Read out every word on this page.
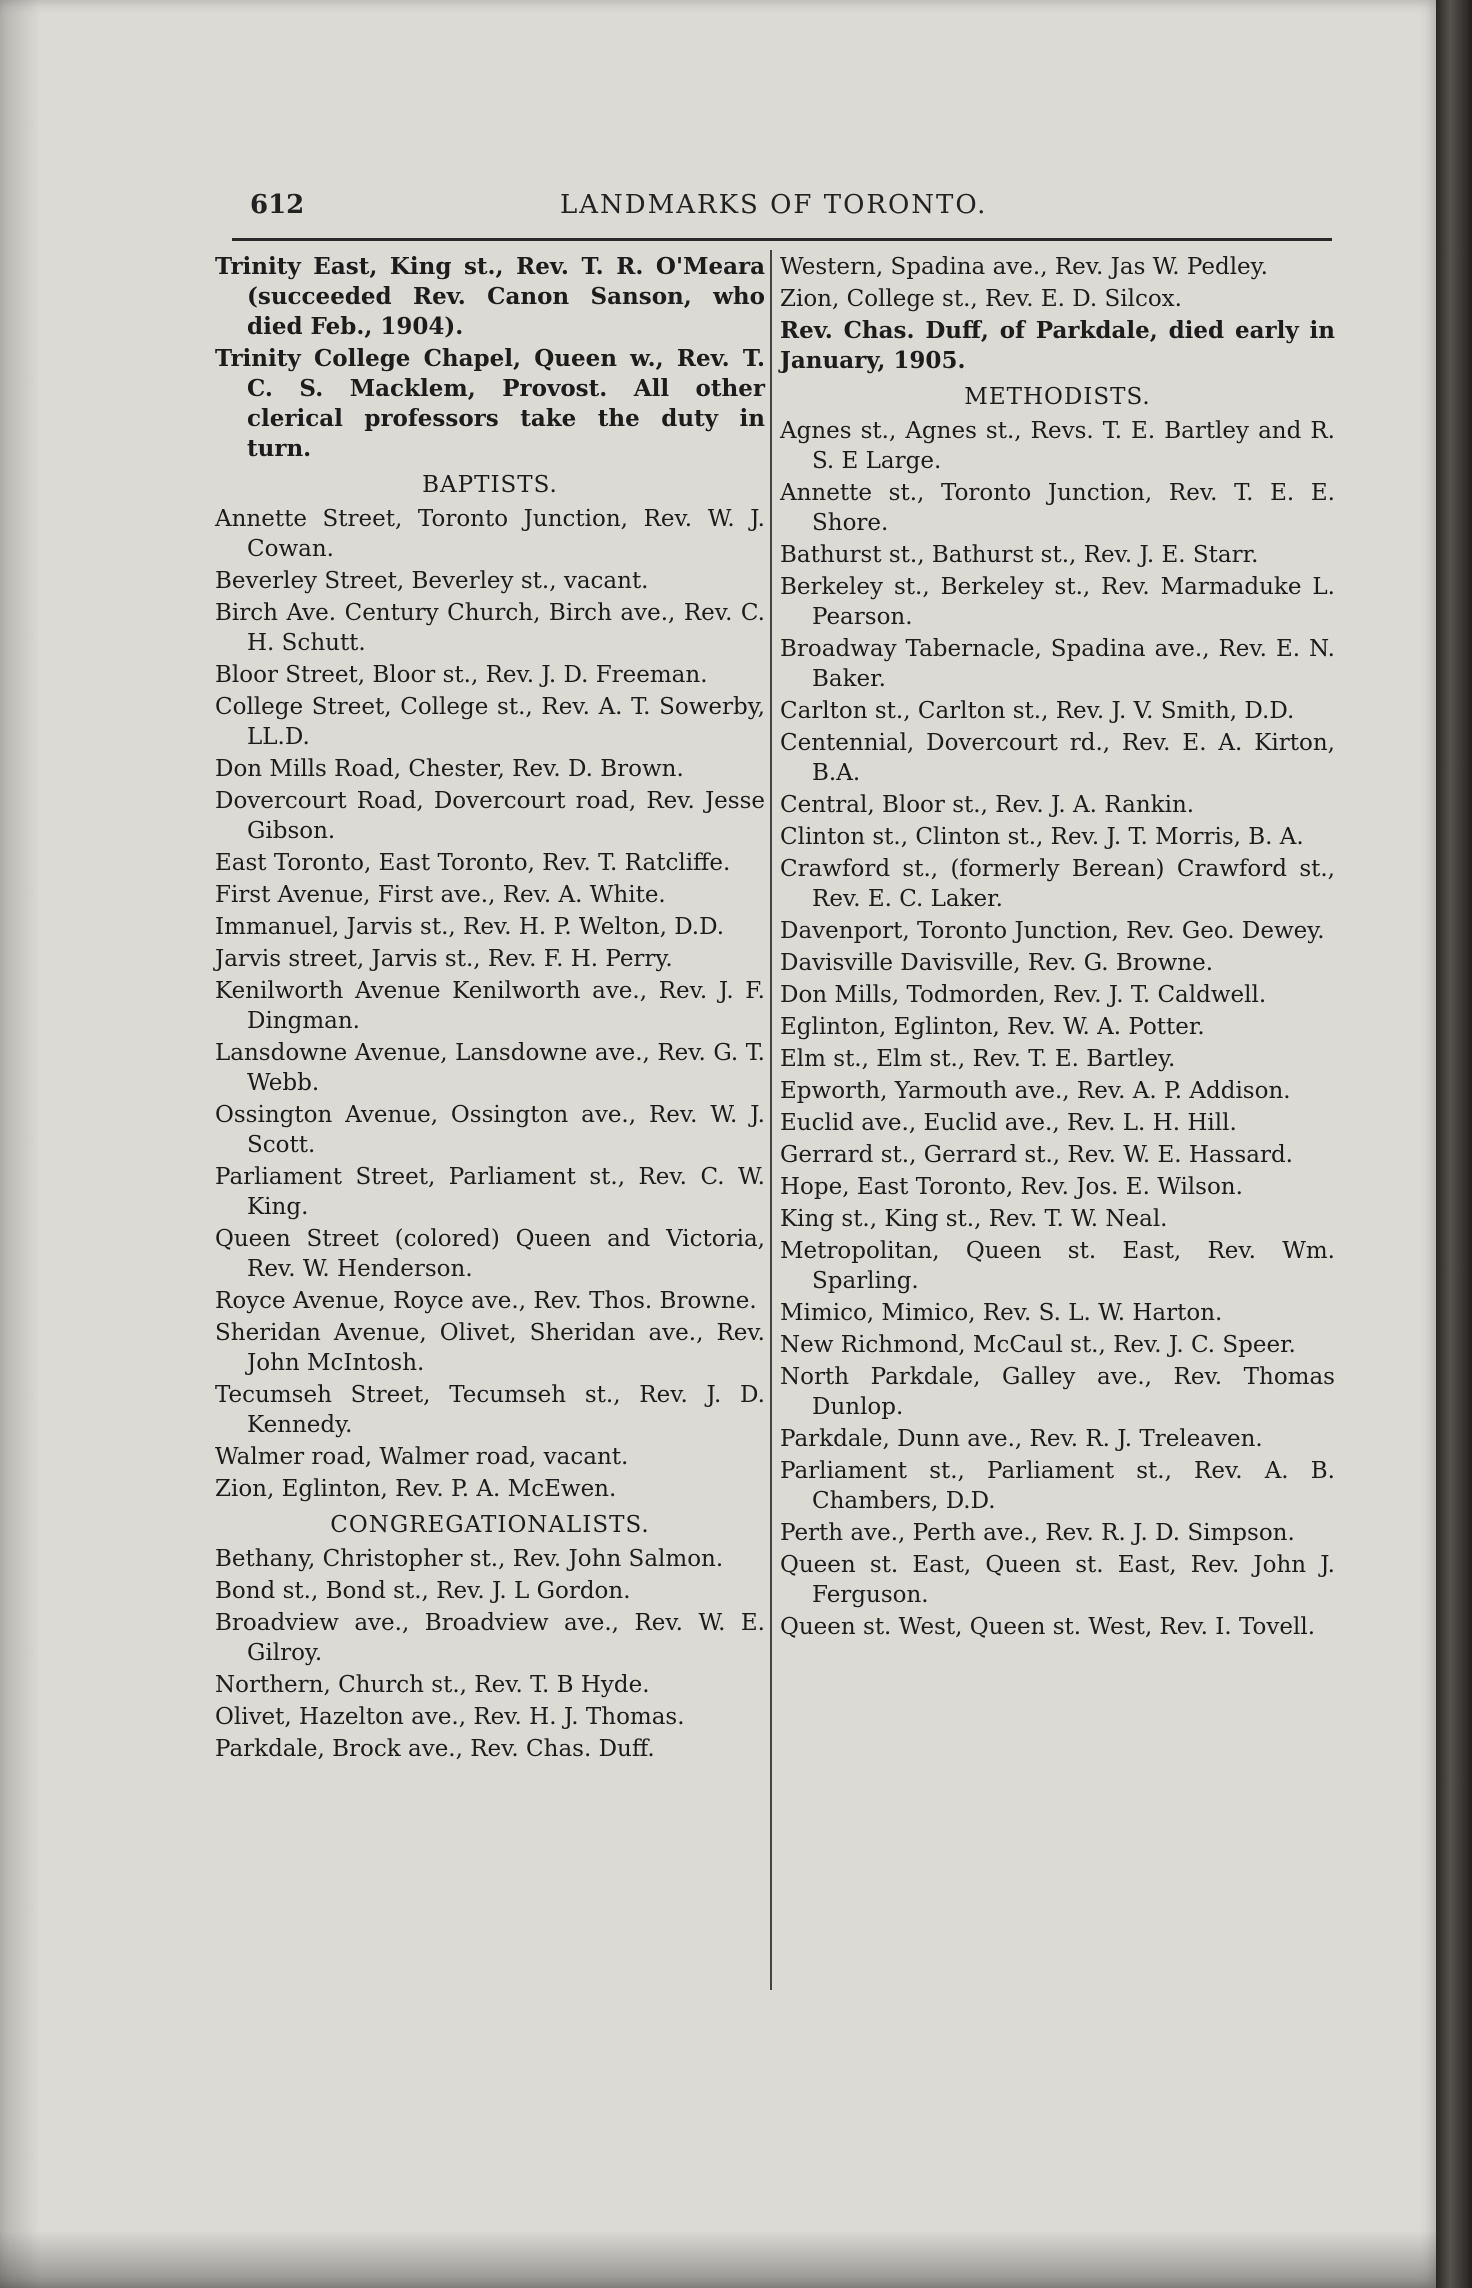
612	LANDMARKS OF TORONTO.

Trinity East, King st., Rev. T. R. O'Meara (succeeded Rev. Canon Sanson, who died Feb., 1904).

Trinity College Chapel, Queen w., Rev. T. C. S. Macklem, Provost. All other clerical professors take the duty in turn.

BAPTISTS.

Annette Street, Toronto Junction, Rev. W. J. Cowan.

Beverley Street, Beverley st., vacant.

Birch Ave. Century Church, Birch ave., Rev. C. H. Schutt.

Bloor Street, Bloor st., Rev. J. D. Freeman.

College Street, College st., Rev. A. T. Sowerby, LL.D.

Don Mills Road, Chester, Rev. D. Brown.

Dovercourt Road, Dovercourt road, Rev. Jesse Gibson.

East Toronto, East Toronto, Rev. T. Ratcliffe.

First Avenue, First ave., Rev. A. White.

Immanuel, Jarvis st., Rev. H. P. Welton, D.D.

Jarvis street, Jarvis st., Rev. F. H. Perry.

Kenilworth Avenue Kenilworth ave., Rev. J. F. Dingman.

Lansdowne Avenue, Lansdowne ave., Rev. G. T. Webb.

Ossington Avenue, Ossington ave., Rev. W. J. Scott.

Parliament Street, Parliament st., Rev. C. W. King.

Queen Street (colored) Queen and Victoria, Rev. W. Henderson.

Royce Avenue, Royce ave., Rev. Thos. Browne.

Sheridan Avenue, Olivet, Sheridan ave., Rev. John McIntosh.

Tecumseh Street, Tecumseh st., Rev. J. D. Kennedy.

Walmer road, Walmer road, vacant.

Zion, Eglinton, Rev. P. A. McEwen.

CONGREGATIONALISTS.

Bethany, Christopher st., Rev. John Salmon.

Bond st., Bond st., Rev. J. L Gordon.

Broadview ave., Broadview ave., Rev. W. E. Gilroy.

Northern, Church st., Rev. T. B Hyde.

Olivet, Hazelton ave., Rev. H. J. Thomas.

Parkdale, Brock ave., Rev. Chas. Duff.

Western, Spadina ave., Rev. Jas W. Pedley.

Zion, College st., Rev. E. D. Silcox.

Rev. Chas. Duff, of Parkdale, died early in January, 1905.

METHODISTS.

Agnes st., Agnes st., Revs. T. E. Bartley and R. S. E Large.

Annette st., Toronto Junction, Rev. T. E. E. Shore.

Bathurst st., Bathurst st., Rev. J. E. Starr.

Berkeley st., Berkeley st., Rev. Marmaduke L. Pearson.

Broadway Tabernacle, Spadina ave., Rev. E. N. Baker.

Carlton st., Carlton st., Rev. J. V. Smith, D.D.

Centennial, Dovercourt rd., Rev. E. A. Kirton, B.A.

Central, Bloor st., Rev. J. A. Rankin.

Clinton st., Clinton st., Rev. J. T. Morris, B. A.

Crawford st., (formerly Berean) Crawford st., Rev. E. C. Laker.

Davenport, Toronto Junction, Rev. Geo. Dewey.

Davisville Davisville, Rev. G. Browne.

Don Mills, Todmorden, Rev. J. T. Caldwell.

Eglinton, Eglinton, Rev. W. A. Potter.

Elm st., Elm st., Rev. T. E. Bartley.

Epworth, Yarmouth ave., Rev. A. P. Addison.

Euclid ave., Euclid ave., Rev. L. H. Hill.

Gerrard st., Gerrard st., Rev. W. E. Hassard.

Hope, East Toronto, Rev. Jos. E. Wilson.

King st., King st., Rev. T. W. Neal.

Metropolitan, Queen st. East, Rev. Wm. Sparling.

Mimico, Mimico, Rev. S. L. W. Harton.

New Richmond, McCaul st., Rev. J. C. Speer.

North Parkdale, Galley ave., Rev. Thomas Dunlop.

Parkdale, Dunn ave., Rev. R. J. Treleaven.

Parliament st., Parliament st., Rev. A. B. Chambers, D.D.

Perth ave., Perth ave., Rev. R. J. D. Simpson.

Queen st. East, Queen st. East, Rev. John J. Ferguson.

Queen st. West, Queen st. West, Rev. I. Tovell.
